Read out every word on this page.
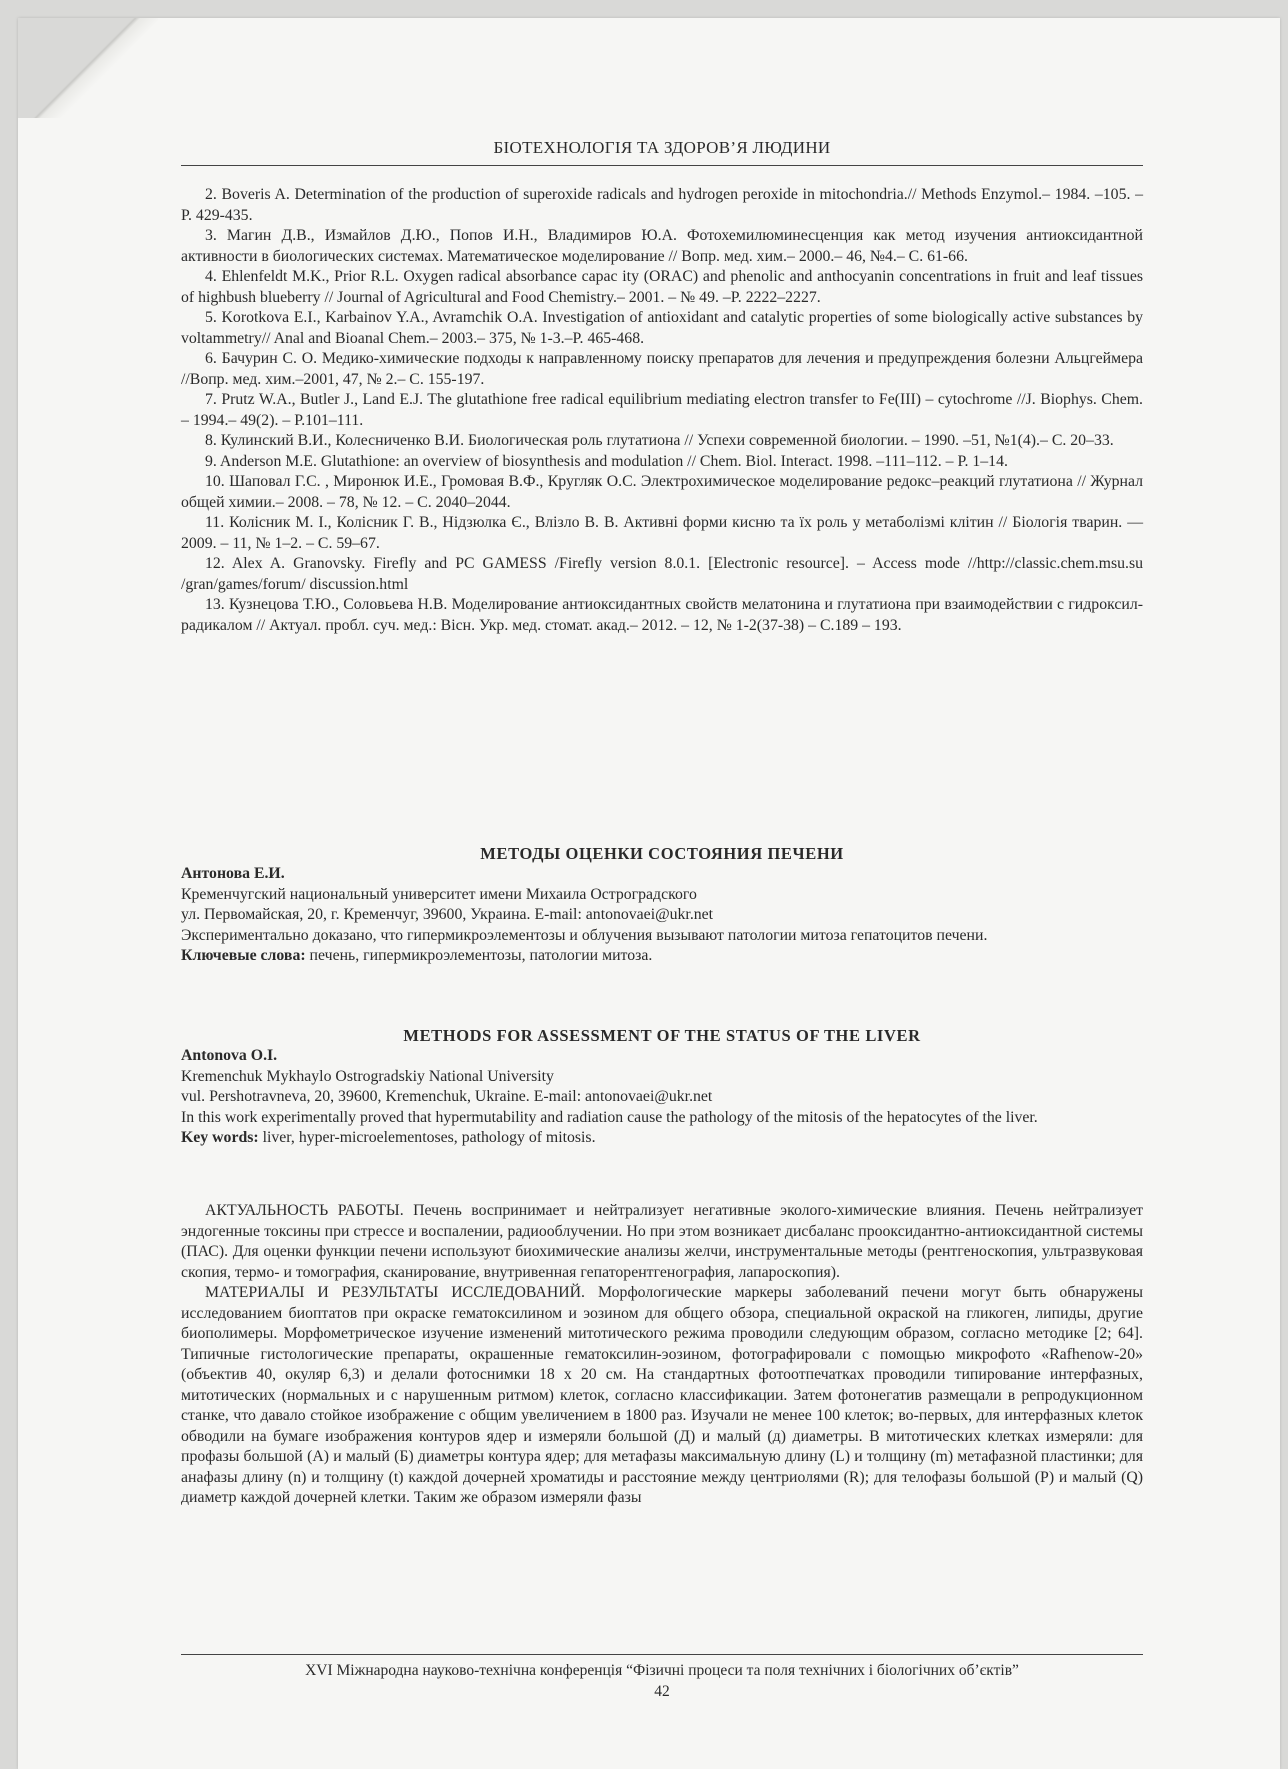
БІОТЕХНОЛОГІЯ ТА ЗДОРОВ’Я ЛЮДИНИ

2. Boveris A. Determination of the production of superoxide radicals and hydrogen peroxide in mitochondria.// Methods Enzymol.– 1984. –105. – P. 429-435.

3. Магин Д.В., Измайлов Д.Ю., Попов И.Н., Владимиров Ю.А. Фотохемилюминесценция как метод изучения антиоксидантной активности в биологических системах. Математическое моделирование // Вопр. мед. хим.– 2000.– 46, №4.– С. 61-66.

4. Ehlenfeldt M.K., Prior R.L. Oxygen radical absorbance capac ity (ORAC) and phenolic and anthocyanin concentrations in fruit and leaf tissues of highbush blueberry // Journal of Agricultural and Food Chemistry.– 2001. – № 49. –P. 2222–2227.

5. Korotkova E.I., Karbainov Y.A., Avramchik O.A. Investigation of antioxidant and catalytic properties of some biologically active substances by voltammetry// Anal and Bioanal Chem.– 2003.– 375, № 1-3.–P. 465-468.

6. Бачурин С. О. Медико-химические подходы к направленному поиску препаратов для лечения и предупреждения болезни Альцгеймера //Вопр. мед. хим.–2001, 47, № 2.– С. 155-197.

7. Prutz W.A., Butler J., Land E.J. The glutathione free radical equilibrium mediating electron transfer to Fe(III) – cytochrome //J. Biophys. Chem. – 1994.– 49(2). – P.101–111.

8. Кулинский В.И., Колесниченко В.И. Биологическая роль глутатиона // Успехи современной биологии. – 1990. –51, №1(4).– С. 20–33.

9. Anderson M.E. Glutathione: an overview of biosynthesis and modulation // Chem. Biol. Interact. 1998. –111–112. – P. 1–14.

10. Шаповал Г.С. , Миронюк И.Е., Громовая В.Ф., Кругляк О.С. Электрохимическое моделирование редокс–реакций глутатиона // Журнал общей химии.– 2008. – 78, № 12. – С. 2040–2044.

11. Колісник М. І., Колісник Г. В., Нідзюлка Є., Влізло В. В. Активні форми кисню та їх роль у метаболізмі клітин // Біологія тварин. — 2009. – 11, № 1–2. – С. 59–67.

12. Alex A. Granovsky. Firefly and PC GAMESS /Firefly version 8.0.1. [Electronic resource]. – Access mode //http://classic.chem.msu.su /gran/games/forum/ discussion.html

13. Кузнецова Т.Ю., Соловьева Н.В. Моделирование антиоксидантных свойств мелатонина и глутатиона при взаимодействии с гидроксил-радикалом // Актуал. пробл. суч. мед.: Вісн. Укр. мед. стомат. акад.– 2012. – 12, № 1-2(37-38) – С.189 – 193.

МЕТОДЫ ОЦЕНКИ СОСТОЯНИЯ ПЕЧЕНИ

Антонова Е.И.

Кременчугский национальный университет имени Михаила Остроградского

ул. Первомайская, 20, г. Кременчуг, 39600, Украина. E-mail: antonovaei@ukr.net

Экспериментально доказано, что гипермикроэлементозы и облучения вызывают патологии митоза гепатоцитов печени.

Ключевые слова: печень, гипермикроэлементозы, патологии митоза.

METHODS FOR ASSESSMENT OF THE STATUS OF THE LIVER

Antonova O.I.

Kremenchuk Mykhaylo Ostrogradskiy National University

vul. Pershotravneva, 20, 39600, Kremenchuk, Ukraine. E-mail: antonovaei@ukr.net

In this work experimentally proved that hypermutability and radiation cause the pathology of the mitosis of the hepatocytes of the liver.

Key words: liver, hyper-microelementoses, pathology of mitosis.

АКТУАЛЬНОСТЬ РАБОТЫ. Печень воспринимает и нейтрализует негативные эколого-химические влияния. Печень нейтрализует эндогенные токсины при стрессе и воспалении, радиооблучении. Но при этом возникает дисбаланс прооксидантно-антиоксидантной системы (ПАС). Для оценки функции печени используют биохимические анализы желчи, инструментальные методы (рентгеноскопия, ультразвуковая скопия, термо- и томография, сканирование, внутривенная гепаторентгенография, лапароскопия).

МАТЕРИАЛЫ И РЕЗУЛЬТАТЫ ИССЛЕДОВАНИЙ. Морфологические маркеры заболеваний печени могут быть обнаружены исследованием биоптатов при окраске гематоксилином и эозином для общего обзора, специальной окраской на гликоген, липиды, другие биополимеры. Морфометрическое изучение изменений митотического режима проводили следующим образом, согласно методике [2; 64]. Типичные гистологические препараты, окрашенные гематоксилин-эозином, фотографировали с помощью микрофото «Rafhenow-20» (объектив 40, окуляр 6,3) и делали фотоснимки 18 х 20 см. На стандартных фотоотпечатках проводили типирование интерфазных, митотических (нормальных и с нарушенным ритмом) клеток, согласно классификации. Затем фотонегатив размещали в репродукционном станке, что давало стойкое изображение с общим увеличением в 1800 раз. Изучали не менее 100 клеток; во-первых, для интерфазных клеток обводили на бумаге изображения контуров ядер и измеряли большой (Д) и малый (д) диаметры. В митотических клетках измеряли: для профазы большой (А) и малый (Б) диаметры контура ядер; для метафазы максимальную длину (L) и толщину (m) метафазной пластинки; для анафазы длину (n) и толщину (t) каждой дочерней хроматиды и расстояние между центриолями (R); для телофазы большой (Р) и малый (Q) диаметр каждой дочерней клетки. Таким же образом измеряли фазы

XVI Міжнародна науково-технічна конференція “Фізичні процеси та поля технічних і біологічних об’єктів”
42
